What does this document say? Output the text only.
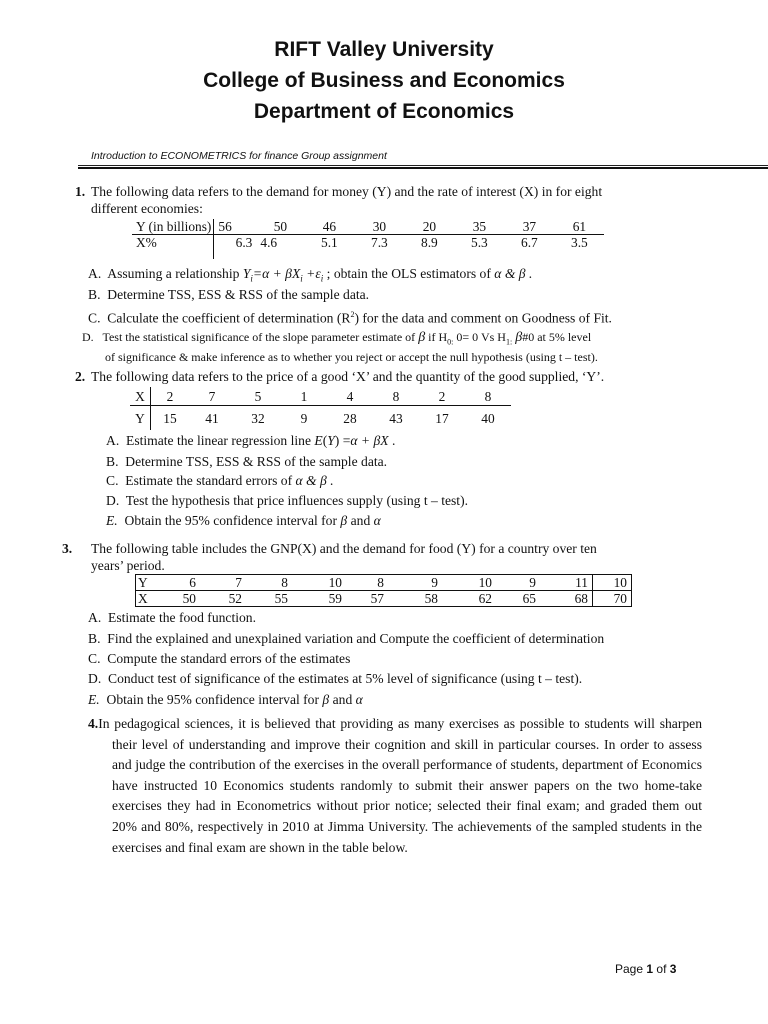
RIFT Valley University
College of Business and Economics
Department of Economics
Introduction to ECONOMETRICS for finance Group assignment
1. The following data refers to the demand for money (Y) and the rate of interest (X) in for eight
different economies:
Y (in billions)	56	50	46	30	20	35	37	61
X%	6.3	4.6	5.1	7.3	8.9	5.3	6.7	3.5
A. Assuming a relationship $Y_i=\alpha + \beta X_i +\varepsilon_i$ ; obtain the OLS estimators of α & β .
B. Determine TSS, ESS & RSS of the sample data.
C. Calculate the coefficient of determination $(R^2)$ for the data and comment on Goodness of Fit.
D. Test the statistical significance of the slope parameter estimate of β if $H_{0:}$ 0= 0 Vs $H_{1:}$ β#0 at 5% level
of significance & make inference as to whether you reject or accept the null hypothesis (using t – test).
2. The following data refers to the price of a good ‘X’ and the quantity of the good supplied, ‘Y’.
X	2	7	5	1	4	8	2	8
Y	15	41	32	9	28	43	17	40
A. Estimate the linear regression line E(Y) =α + βX .
B. Determine TSS, ESS & RSS of the sample data.
C. Estimate the standard errors of α & β .
D. Test the hypothesis that price influences supply (using t – test).
E. Obtain the 95% confidence interval for β and α
3. The following table includes the GNP(X) and the demand for food (Y) for a country over ten
years’ period.
Y	6	7	8	10	8	9	10	9	11	10
X	50	52	55	59	57	58	62	65	68	70
A. Estimate the food function.
B. Find the explained and unexplained variation and Compute the coefficient of determination
C. Compute the standard errors of the estimates
D. Conduct test of significance of the estimates at 5% level of significance (using t – test).
E. Obtain the 95% confidence interval for β and α
4.In pedagogical sciences, it is believed that providing as many exercises as possible to students will sharpen their level of understanding and improve their cognition and skill in particular courses. In order to assess and judge the contribution of the exercises in the overall performance of students, department of Economics have instructed 10 Economics students randomly to submit their answer papers on the two home-take exercises they had in Econometrics without prior notice; selected their final exam; and graded them out 20% and 80%, respectively in 2010 at Jimma University. The achievements of the sampled students in the exercises and final exam are shown in the table below.
Page 1 of 3
